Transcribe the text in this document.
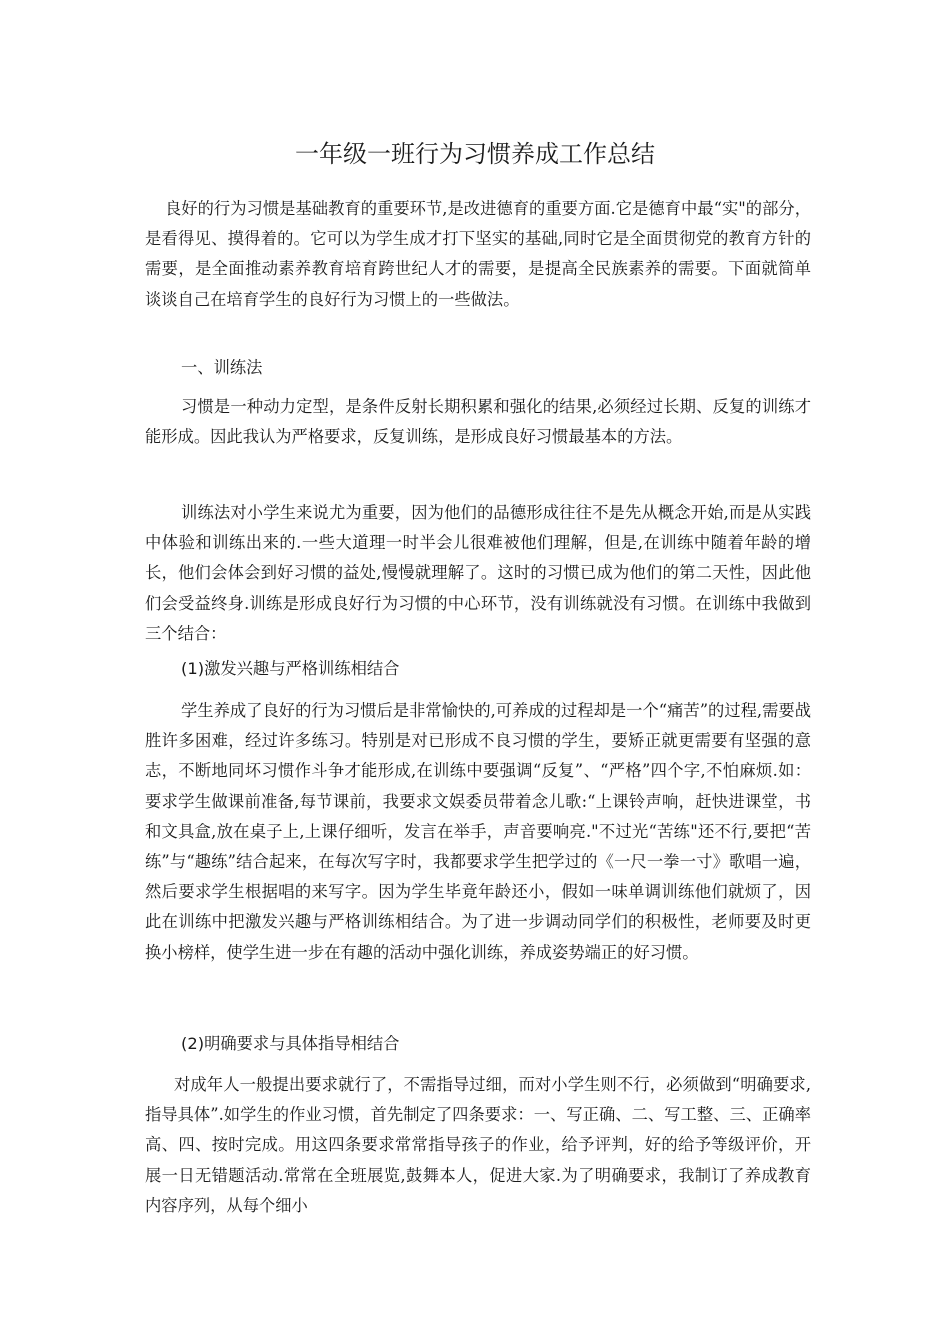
一年级一班行为习惯养成工作总结

良好的行为习惯是基础教育的重要环节,是改进德育的重要方面.它是德育中最“实"的部分，是看得见、摸得着的。它可以为学生成才打下坚实的基础,同时它是全面贯彻党的教育方针的需要，是全面推动素养教育培育跨世纪人才的需要，是提高全民族素养的需要。下面就简单谈谈自己在培育学生的良好行为习惯上的一些做法。

一、训练法

习惯是一种动力定型，是条件反射长期积累和强化的结果,必须经过长期、反复的训练才能形成。因此我认为严格要求，反复训练，是形成良好习惯最基本的方法。

训练法对小学生来说尤为重要，因为他们的品德形成往往不是先从概念开始,而是从实践中体验和训练出来的.一些大道理一时半会儿很难被他们理解，但是,在训练中随着年龄的增长，他们会体会到好习惯的益处,慢慢就理解了。这时的习惯已成为他们的第二天性，因此他们会受益终身.训练是形成良好行为习惯的中心环节，没有训练就没有习惯。在训练中我做到三个结合：

(1)激发兴趣与严格训练相结合

学生养成了良好的行为习惯后是非常愉快的,可养成的过程却是一个“痛苦”的过程,需要战胜许多困难，经过许多练习。特别是对已形成不良习惯的学生，要矫正就更需要有坚强的意志，不断地同坏习惯作斗争才能形成,在训练中要强调“反复”、“严格”四个字,不怕麻烦.如：要求学生做课前准备,每节课前，我要求文娱委员带着念儿歌:“上课铃声响，赶快进课堂，书和文具盒,放在桌子上,上课仔细听，发言在举手，声音要响亮."不过光“苦练"还不行,要把“苦练”与“趣练”结合起来，在每次写字时，我都要求学生把学过的《一尺一拳一寸》歌唱一遍，然后要求学生根据唱的来写字。因为学生毕竟年龄还小，假如一味单调训练他们就烦了，因此在训练中把激发兴趣与严格训练相结合。为了进一步调动同学们的积极性，老师要及时更换小榜样，使学生进一步在有趣的活动中强化训练，养成姿势端正的好习惯。

(2)明确要求与具体指导相结合

对成年人一般提出要求就行了，不需指导过细，而对小学生则不行，必须做到“明确要求,指导具体”.如学生的作业习惯，首先制定了四条要求：一、写正确、二、写工整、三、正确率高、四、按时完成。用这四条要求常常指导孩子的作业，给予评判，好的给予等级评价，开展一日无错题活动.常常在全班展览,鼓舞本人，促进大家.为了明确要求，我制订了养成教育内容序列，从每个细小
